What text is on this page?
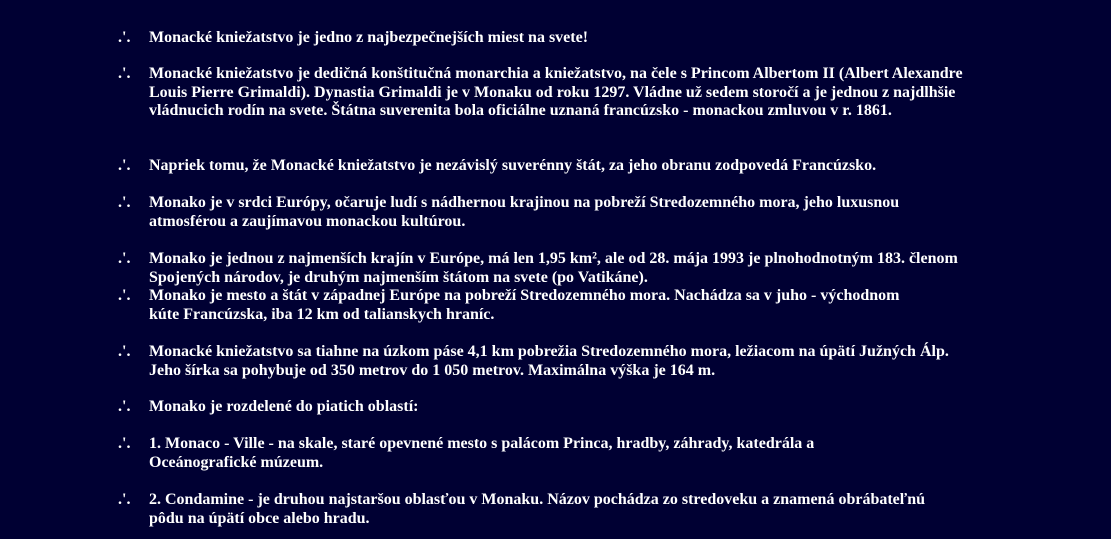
.'.	Monacké kniežatstvo je jedno z najbezpečnejších miest na svete!
.'.	Monacké kniežatstvo je dedičná konštitučná monarchia a kniežatstvo, na čele s Princom Albertom II (Albert Alexandre Louis Pierre Grimaldi). Dynastia Grimaldi je v Monaku od roku 1297. Vládne už sedem storočí a je jednou z najdlhšie vládnucich rodín na svete. Štátna suverenita bola oficiálne uznaná francúzsko - monackou zmluvou v r. 1861.
.'.	Napriek tomu, že Monacké kniežatstvo je nezávislý suverénny štát, za jeho obranu zodpovedá Francúzsko.
.'.	Monako je v srdci Európy, očaruje ludí s nádhernou krajinou na pobreží Stredozemného mora, jeho luxusnou atmosférou a zaujímavou monackou kultúrou.
.'.	Monako je jednou z najmenších krajín v Európe, má len 1,95 km², ale od 28. mája 1993 je plnohodnotným 183. členom Spojených národov, je druhým najmenším štátom na svete (po Vatikáne).
.'.	Monako je mesto a štát v západnej Európe na pobreží Stredozemného mora. Nachádza sa v juho - východnom kúte Francúzska, iba 12 km od talianskych hraníc.
.'.	Monacké kniežatstvo sa tiahne na úzkom páse 4,1 km pobrežia Stredozemného mora, ležiacom na úpätí Južných Álp. Jeho šírka sa pohybuje od 350 metrov do 1 050 metrov. Maximálna výška je 164 m.
.'.	Monako je rozdelené do piatich oblastí:
.'.	1. Monaco - Ville - na skale, staré opevnené mesto s palácom Princa, hradby, záhrady, katedrála a Oceánografické múzeum.
.'.	2. Condamine - je druhou najstaršou oblasťou v Monaku. Názov pochádza zo stredoveku a znamená obrábateľnú pôdu na úpätí obce alebo hradu.
